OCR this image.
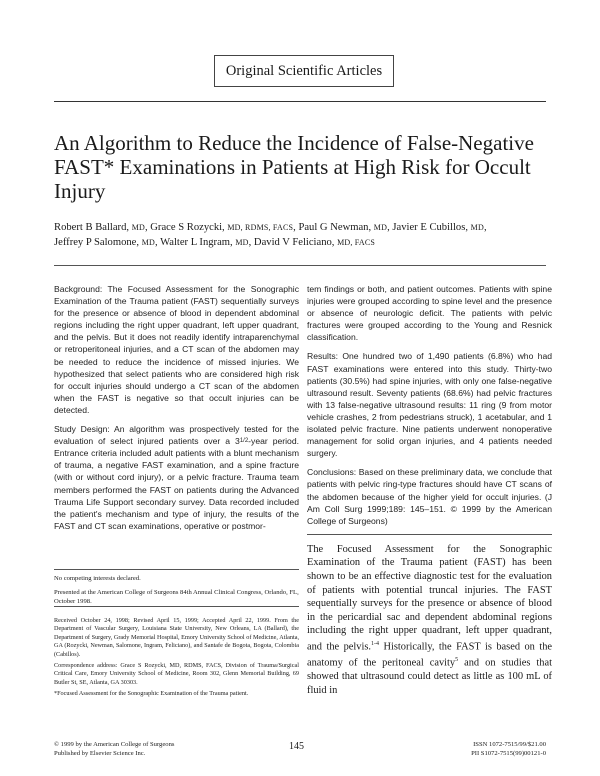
Original Scientific Articles
An Algorithm to Reduce the Incidence of False-Negative FAST* Examinations in Patients at High Risk for Occult Injury
Robert B Ballard, MD, Grace S Rozycki, MD, RDMS, FACS, Paul G Newman, MD, Javier E Cubillos, MD,
Jeffrey P Salomone, MD, Walter L Ingram, MD, David V Feliciano, MD, FACS

Background: The Focused Assessment for the Sonographic Examination of the Trauma patient (FAST) sequentially surveys for the presence or absence of blood in dependent abdominal regions including the right upper quadrant, left upper quadrant, and the pelvis. But it does not readily identify intraparenchymal or retroperitoneal injuries, and a CT scan of the abdomen may be needed to reduce the incidence of missed injuries. We hypothesized that select patients who are considered high risk for occult injuries should undergo a CT scan of the abdomen when the FAST is negative so that occult injuries can be detected.

Study Design: An algorithm was prospectively tested for the evaluation of select injured patients over a $3^{1/2}$-year period. Entrance criteria included adult patients with a blunt mechanism of trauma, a negative FAST examination, and a spine fracture (with or without cord injury), or a pelvic fracture. Trauma team members performed the FAST on patients during the Advanced Trauma Life Support secondary survey. Data recorded included the patient's mechanism and type of injury, the results of the FAST and CT scan examinations, operative or postmor-

tem findings or both, and patient outcomes. Patients with spine injuries were grouped according to spine level and the presence or absence of neurologic deficit. The patients with pelvic fractures were grouped according to the Young and Resnick classification.

Results: One hundred two of 1,490 patients (6.8%) who had FAST examinations were entered into this study. Thirty-two patients (30.5%) had spine injuries, with only one false-negative ultrasound result. Seventy patients (68.6%) had pelvic fractures with 13 false-negative ultrasound results: 11 ring (9 from motor vehicle crashes, 2 from pedestrians struck), 1 acetabular, and 1 isolated pelvic fracture. Nine patients underwent nonoperative management for solid organ injuries, and 4 patients needed surgery.

Conclusions: Based on these preliminary data, we conclude that patients with pelvic ring-type fractures should have CT scans of the abdomen because of the higher yield for occult injuries. (J Am Coll Surg 1999;189: 145–151. © 1999 by the American College of Surgeons)

The Focused Assessment for the Sonographic Examination of the Trauma patient (FAST) has been shown to be an effective diagnostic test for the evaluation of patients with potential truncal injuries. The FAST sequentially surveys for the presence or absence of blood in the pericardial sac and dependent abdominal regions including the right upper quadrant, left upper quadrant, and the pelvis.$^{1-4}$ Historically, the FAST is based on the anatomy of the peritoneal cavity$^5$ and on studies that showed that ultrasound could detect as little as 100 mL of fluid in

No competing interests declared.

Presented at the American College of Surgeons 84th Annual Clinical Congress, Orlando, FL, October 1998.

Received October 24, 1998; Revised April 15, 1999; Accepted April 22, 1999. From the Department of Vascular Surgery, Louisiana State University, New Orleans, LA (Ballard), the Department of Surgery, Grady Memorial Hospital, Emory University School of Medicine, Atlanta, GA (Rozycki, Newman, Salomone, Ingram, Feliciano), and Santafe de Bogota, Bogota, Colombia (Cabillos).

Correspondence address: Grace S Rozycki, MD, RDMS, FACS, Division of Trauma/Surgical Critical Care, Emory University School of Medicine, Room 302, Glenn Memorial Building, 69 Butler St, SE, Atlanta, GA 30303.

*Focused Assessment for the Sonographic Examination of the Trauma patient.

© 1999 by the American College of Surgeons
Published by Elsevier Science Inc.
145	ISSN 1072-7515/99/$21.00
PII S1072-7515(99)00121-0
